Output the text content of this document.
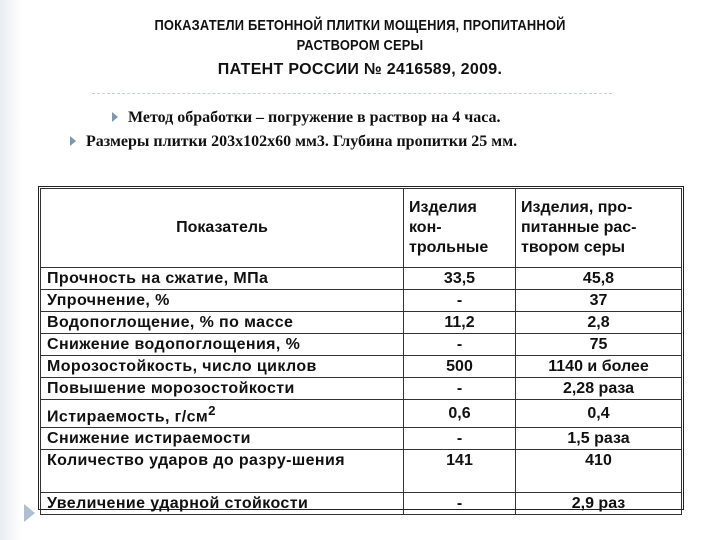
ПОКАЗАТЕЛИ БЕТОННОЙ ПЛИТКИ МОЩЕНИЯ, ПРОПИТАННОЙ
РАСТВОРОМ СЕРЫ
ПАТЕНТ РОССИИ № 2416589, 2009.
Метод обработки – погружение в раствор на 4 часа.
Размеры плитки 203х102х60 мм3. Глубина пропитки 25 мм.
Показатель	Изделия кон-трольные	Изделия, про-питанные рас-твором серы
Прочность на сжатие, МПа	33,5	45,8
Упрочнение, %	-	37
Водопоглощение, % по массе	11,2	2,8
Снижение водопоглощения, %	-	75
Морозостойкость, число циклов	500	1140 и более
Повышение морозостойкости	-	2,28 раза
Истираемость, $г/см^2$	0,6	0,4
Снижение истираемости	-	1,5 раза
Количество ударов до разру-шения	141	410
Увеличение ударной стойкости	-	2,9 раз
